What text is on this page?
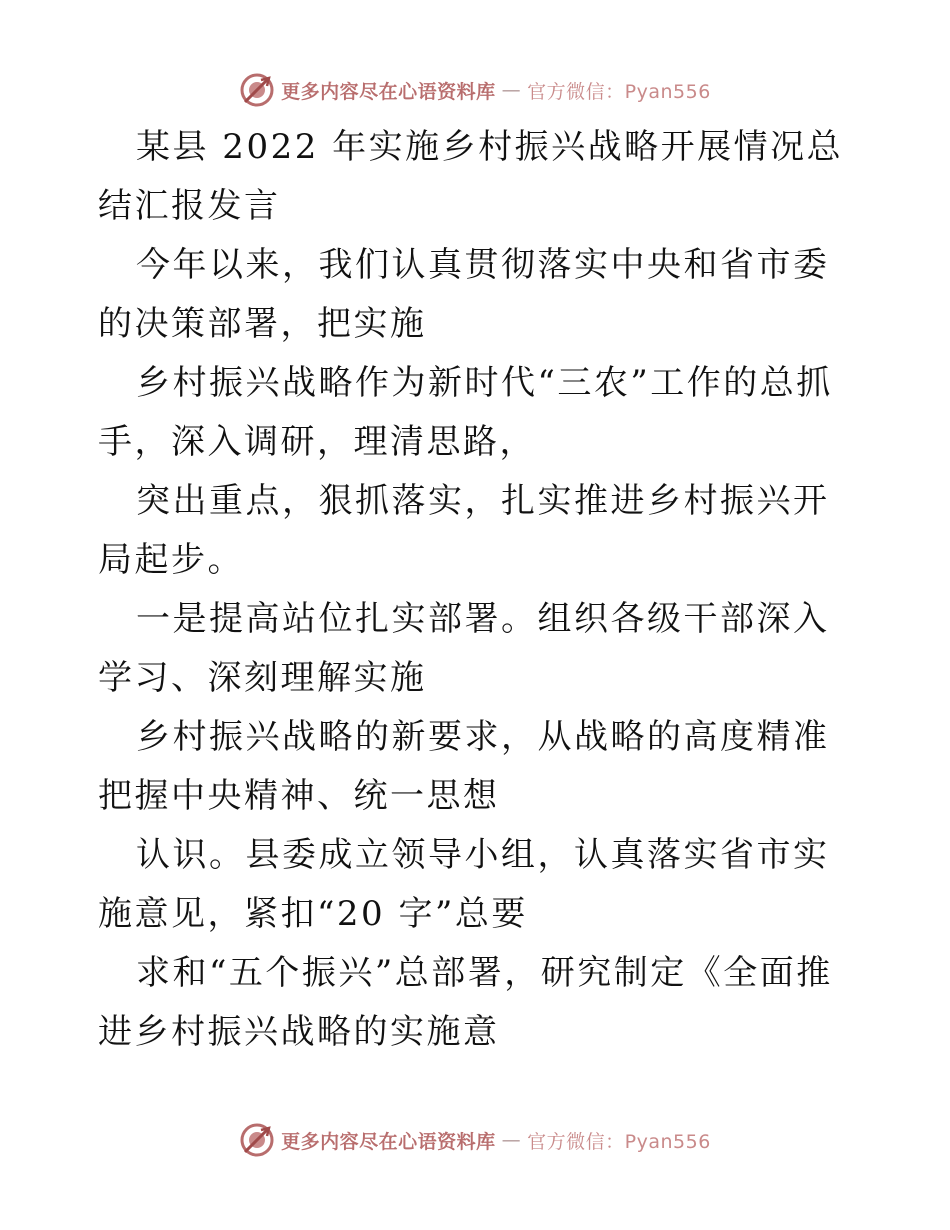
更多内容尽在心语资料库 — 官方微信：Pyan556

某县 2022 年实施乡村振兴战略开展情况总结汇报发言

今年以来，我们认真贯彻落实中央和省市委的决策部署，把实施

乡村振兴战略作为新时代“三农”工作的总抓手，深入调研，理清思路，

突出重点，狠抓落实，扎实推进乡村振兴开局起步。

一是提高站位扎实部署。组织各级干部深入学习、深刻理解实施

乡村振兴战略的新要求，从战略的高度精准把握中央精神、统一思想

认识。县委成立领导小组，认真落实省市实施意见，紧扣“20 字”总要

求和“五个振兴”总部署，研究制定《全面推进乡村振兴战略的实施意

更多内容尽在心语资料库 — 官方微信：Pyan556
